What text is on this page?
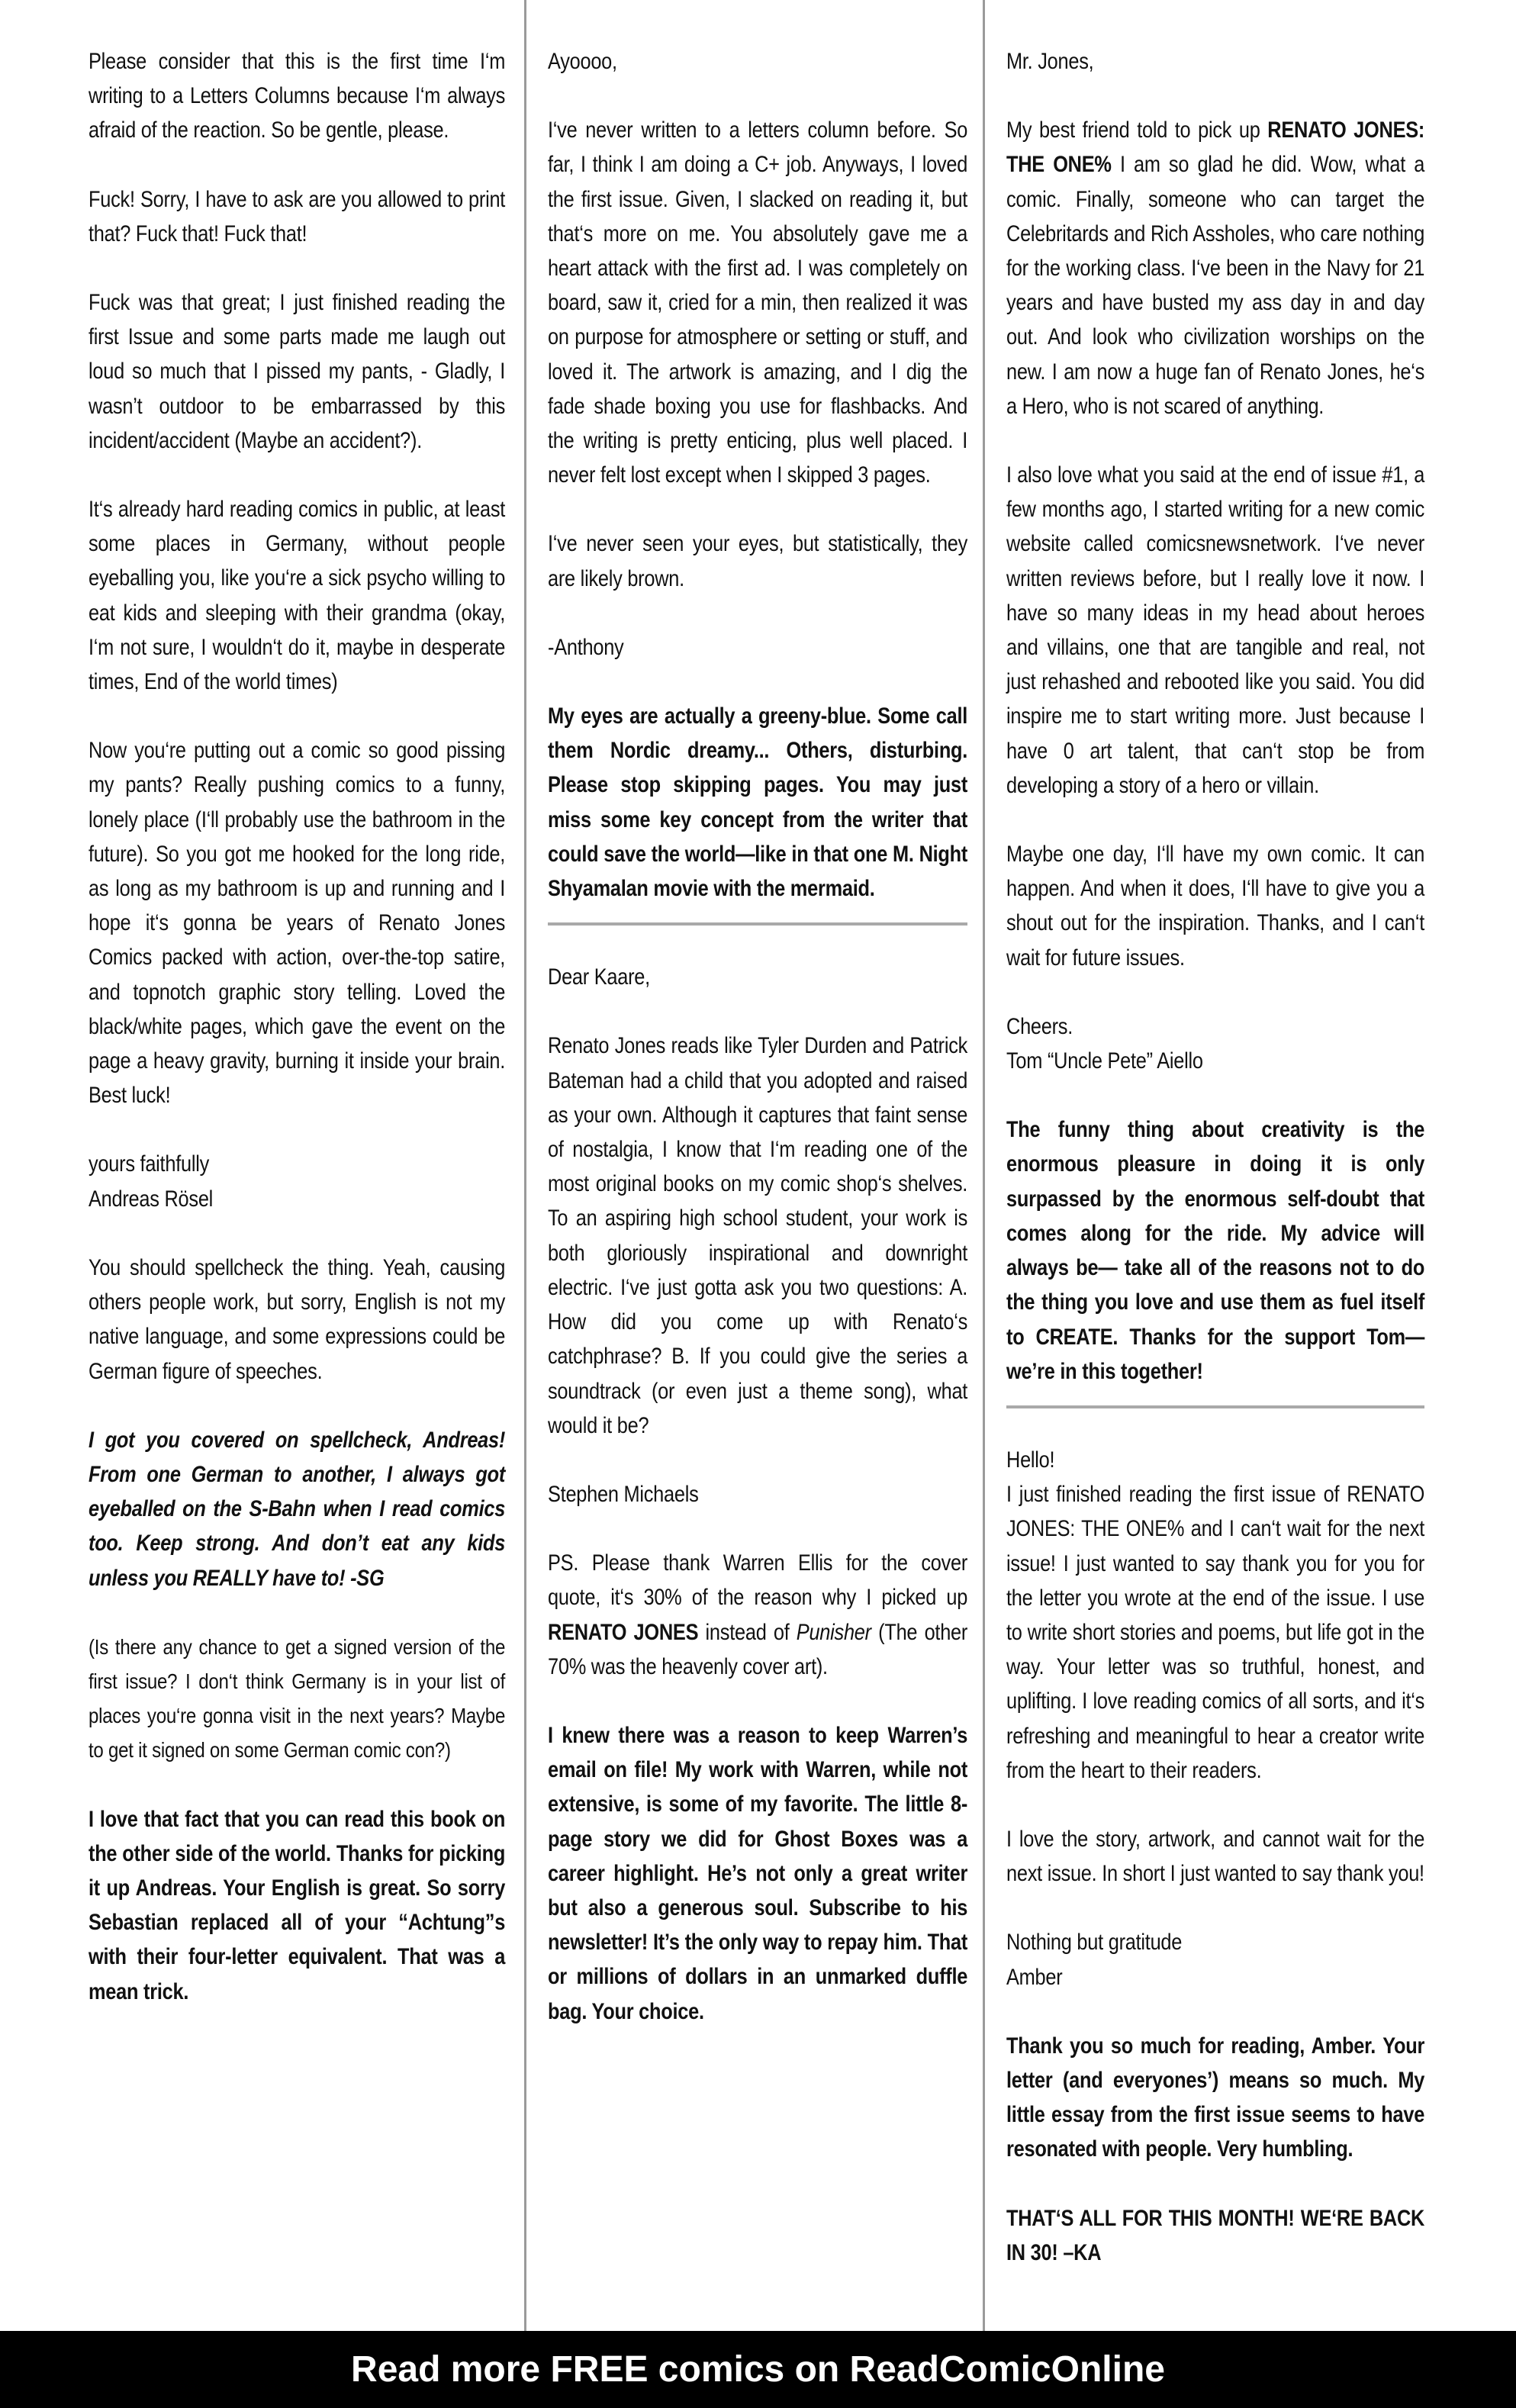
Please consider that this is the first time I‘m writing to a Letters Columns because I‘m always afraid of the reaction. So be gentle, please.

Fuck! Sorry, I have to ask are you allowed to print that? Fuck that! Fuck that!

Fuck was that great; I just finished reading the first Issue and some parts made me laugh out loud so much that I pissed my pants, - Gladly, I wasn’t outdoor to be embarrassed by this incident/accident (Maybe an accident?).

It‘s already hard reading comics in public, at least some places in Germany, without people eyeballing you, like you‘re a sick psycho willing to eat kids and sleeping with their grandma (okay, I‘m not sure, I wouldn‘t do it, maybe in desperate times, End of the world times)

Now you‘re putting out a comic so good pissing my pants? Really pushing comics to a funny, lonely place (I‘ll probably use the bathroom in the future). So you got me hooked for the long ride, as long as my bathroom is up and running and I hope it‘s gonna be years of Renato Jones Comics packed with action, over-the-top satire, and topnotch graphic story telling. Loved the black/white pages, which gave the event on the page a heavy gravity, burning it inside your brain. Best luck!

yours faithfully

Andreas Rösel

You should spellcheck the thing. Yeah, causing others people work, but sorry, English is not my native language, and some expressions could be German figure of speeches.

I got you covered on spellcheck, Andreas! From one German to another, I always got eyeballed on the S-Bahn when I read comics too. Keep strong. And don’t eat any kids unless you REALLY have to! -SG

(Is there any chance to get a signed version of the first issue? I don‘t think Germany is in your list of places you‘re gonna visit in the next years? Maybe to get it signed on some German comic con?)

I love that fact that you can read this book on the other side of the world. Thanks for picking it up Andreas. Your English is great. So sorry Sebastian replaced all of your “Achtung”s with their four-letter equivalent. That was a mean trick.

Ayoooo,

I‘ve never written to a letters column before. So far, I think I am doing a C+ job. Anyways, I loved the first issue. Given, I slacked on reading it, but that‘s more on me. You absolutely gave me a heart attack with the first ad. I was completely on board, saw it, cried for a min, then realized it was on purpose for atmosphere or setting or stuff, and loved it. The artwork is amazing, and I dig the fade shade boxing you use for flashbacks. And the writing is pretty enticing, plus well placed. I never felt lost except when I skipped 3 pages.

I‘ve never seen your eyes, but statistically, they are likely brown.

-Anthony

My eyes are actually a greeny-blue. Some call them Nordic dreamy... Others, disturbing. Please stop skipping pages. You may just miss some key concept from the writer that could save the world—like in that one M. Night Shyamalan movie with the mermaid.

Dear Kaare,

Renato Jones reads like Tyler Durden and Patrick Bateman had a child that you adopted and raised as your own. Although it captures that faint sense of nostalgia, I know that I‘m reading one of the most original books on my comic shop‘s shelves. To an aspiring high school student, your work is both gloriously inspirational and downright electric. I‘ve just gotta ask you two questions: A. How did you come up with Renato‘s catchphrase? B. If you could give the series a soundtrack (or even just a theme song), what would it be?

Stephen Michaels

PS. Please thank Warren Ellis for the cover quote, it‘s 30% of the reason why I picked up RENATO JONES instead of Punisher (The other 70% was the heavenly cover art).

I knew there was a reason to keep Warren’s email on file! My work with Warren, while not extensive, is some of my favorite. The little 8-page story we did for Ghost Boxes was a career highlight. He’s not only a great writer but also a generous soul. Subscribe to his newsletter! It’s the only way to repay him. That or millions of dollars in an unmarked duffle bag. Your choice.

Mr. Jones,

My best friend told to pick up RENATO JONES: THE ONE% I am so glad he did. Wow, what a comic. Finally, someone who can target the Celebritards and Rich Assholes, who care nothing for the working class. I‘ve been in the Navy for 21 years and have busted my ass day in and day out. And look who civilization worships on the new. I am now a huge fan of Renato Jones, he‘s a Hero, who is not scared of anything.

I also love what you said at the end of issue #1, a few months ago, I started writing for a new comic website called comicsnewsnetwork. I‘ve never written reviews before, but I really love it now. I have so many ideas in my head about heroes and villains, one that are tangible and real, not just rehashed and rebooted like you said. You did inspire me to start writing more. Just because I have 0 art talent, that can‘t stop be from developing a story of a hero or villain.

Maybe one day, I‘ll have my own comic. It can happen. And when it does, I‘ll have to give you a shout out for the inspiration. Thanks, and I can‘t wait for future issues.

Cheers.

Tom “Uncle Pete” Aiello

The funny thing about creativity is the enormous pleasure in doing it is only surpassed by the enormous self-doubt that comes along for the ride. My advice will always be— take all of the reasons not to do the thing you love and use them as fuel itself to CREATE. Thanks for the support Tom— we’re in this together!

Hello!

I just finished reading the first issue of RENATO JONES: THE ONE% and I can‘t wait for the next issue! I just wanted to say thank you for you for the letter you wrote at the end of the issue. I use to write short stories and poems, but life got in the way. Your letter was so truthful, honest, and uplifting. I love reading comics of all sorts, and it‘s refreshing and meaningful to hear a creator write from the heart to their readers.

I love the story, artwork, and cannot wait for the next issue. In short I just wanted to say thank you!

Nothing but gratitude

Amber

Thank you so much for reading, Amber. Your letter (and everyones’) means so much. My little essay from the first issue seems to have resonated with people. Very humbling.

THAT‘S ALL FOR THIS MONTH! WE‘RE BACK IN 30! –KA

Read more FREE comics on ReadComicOnline
